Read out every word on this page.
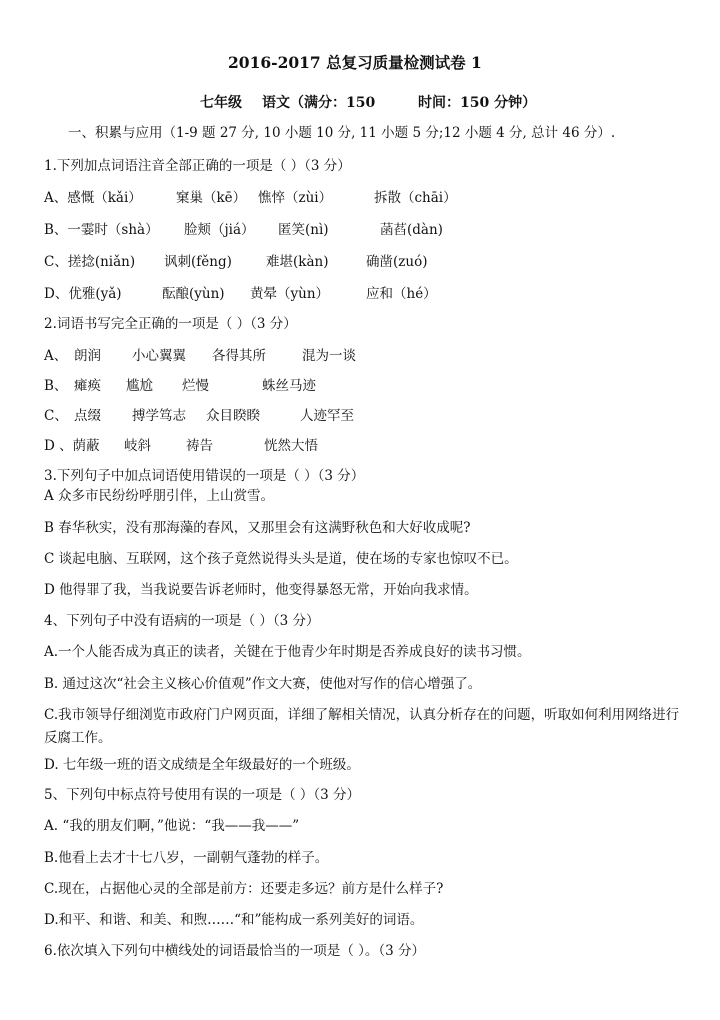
2016-2017 总复习质量检测试卷 1
七年级 语文（满分：150	时间：150 分钟）
一、积累与应用（1-9 题 27 分, 10 小题 10 分, 11 小题 5 分;12 小题 4 分, 总计 46 分）.
1.下列加点词语注音全部正确的一项是（ ）（3 分）
A、感慨（kǎi）	窠巢（kē） 憔悴（zùi）	拆散（chāi）
B、一霎时（shà） 脸颊（jiá） 匿笑(nì)	菡萏(dàn)
C、搓捻(niǎn) 讽刺(fěng)	难堪(kàn)	确凿(zuó)
D、优雅(yǎ)	酝酿(yùn) 黄晕（yùn）	应和（hé）
2.词语书写完全正确的一项是（ ）（3 分）
A、 朗润 小心翼翼 各得其所	混为一谈
B、 瘫痪 尴尬 烂慢	蛛丝马迹
C、 点缀 搏学笃志 众目睽睽	人迹罕至
D 、荫蔽 岐斜	祷告	恍然大悟
3.下列句子中加点词语使用错误的一项是（ ）（3 分）
A 众多市民纷纷呼朋引伴，上山赏雪。
B 春华秋实，没有那海藻的春风，又那里会有这满野秋色和大好收成呢?
C 谈起电脑、互联网，这个孩子竟然说得头头是道，使在场的专家也惊叹不已。
D 他得罪了我，当我说要告诉老师时，他变得暴怒无常，开始向我求情。
4、下列句子中没有语病的一项是（ ）（3 分）
A.一个人能否成为真正的读者，关键在于他青少年时期是否养成良好的读书习惯。
B. 通过这次“社会主义核心价值观”作文大赛，使他对写作的信心增强了。
C.我市领导仔细浏览市政府门户网页面，详细了解相关情况，认真分析存在的问题，听取如何利用网络进行反腐工作。
D. 七年级一班的语文成绩是全年级最好的一个班级。
5、下列句中标点符号使用有误的一项是（ ）（3 分）
A. “我的朋友们啊，”他说：“我——我——”
B.他看上去才十七八岁，一副朝气蓬勃的样子。
C.现在，占据他心灵的全部是前方：还要走多远？前方是什么样子?
D.和平、和谐、和美、和煦……“和”能构成一系列美好的词语。
6.依次填入下列句中横线处的词语最恰当的一项是（ ）。（3 分）
